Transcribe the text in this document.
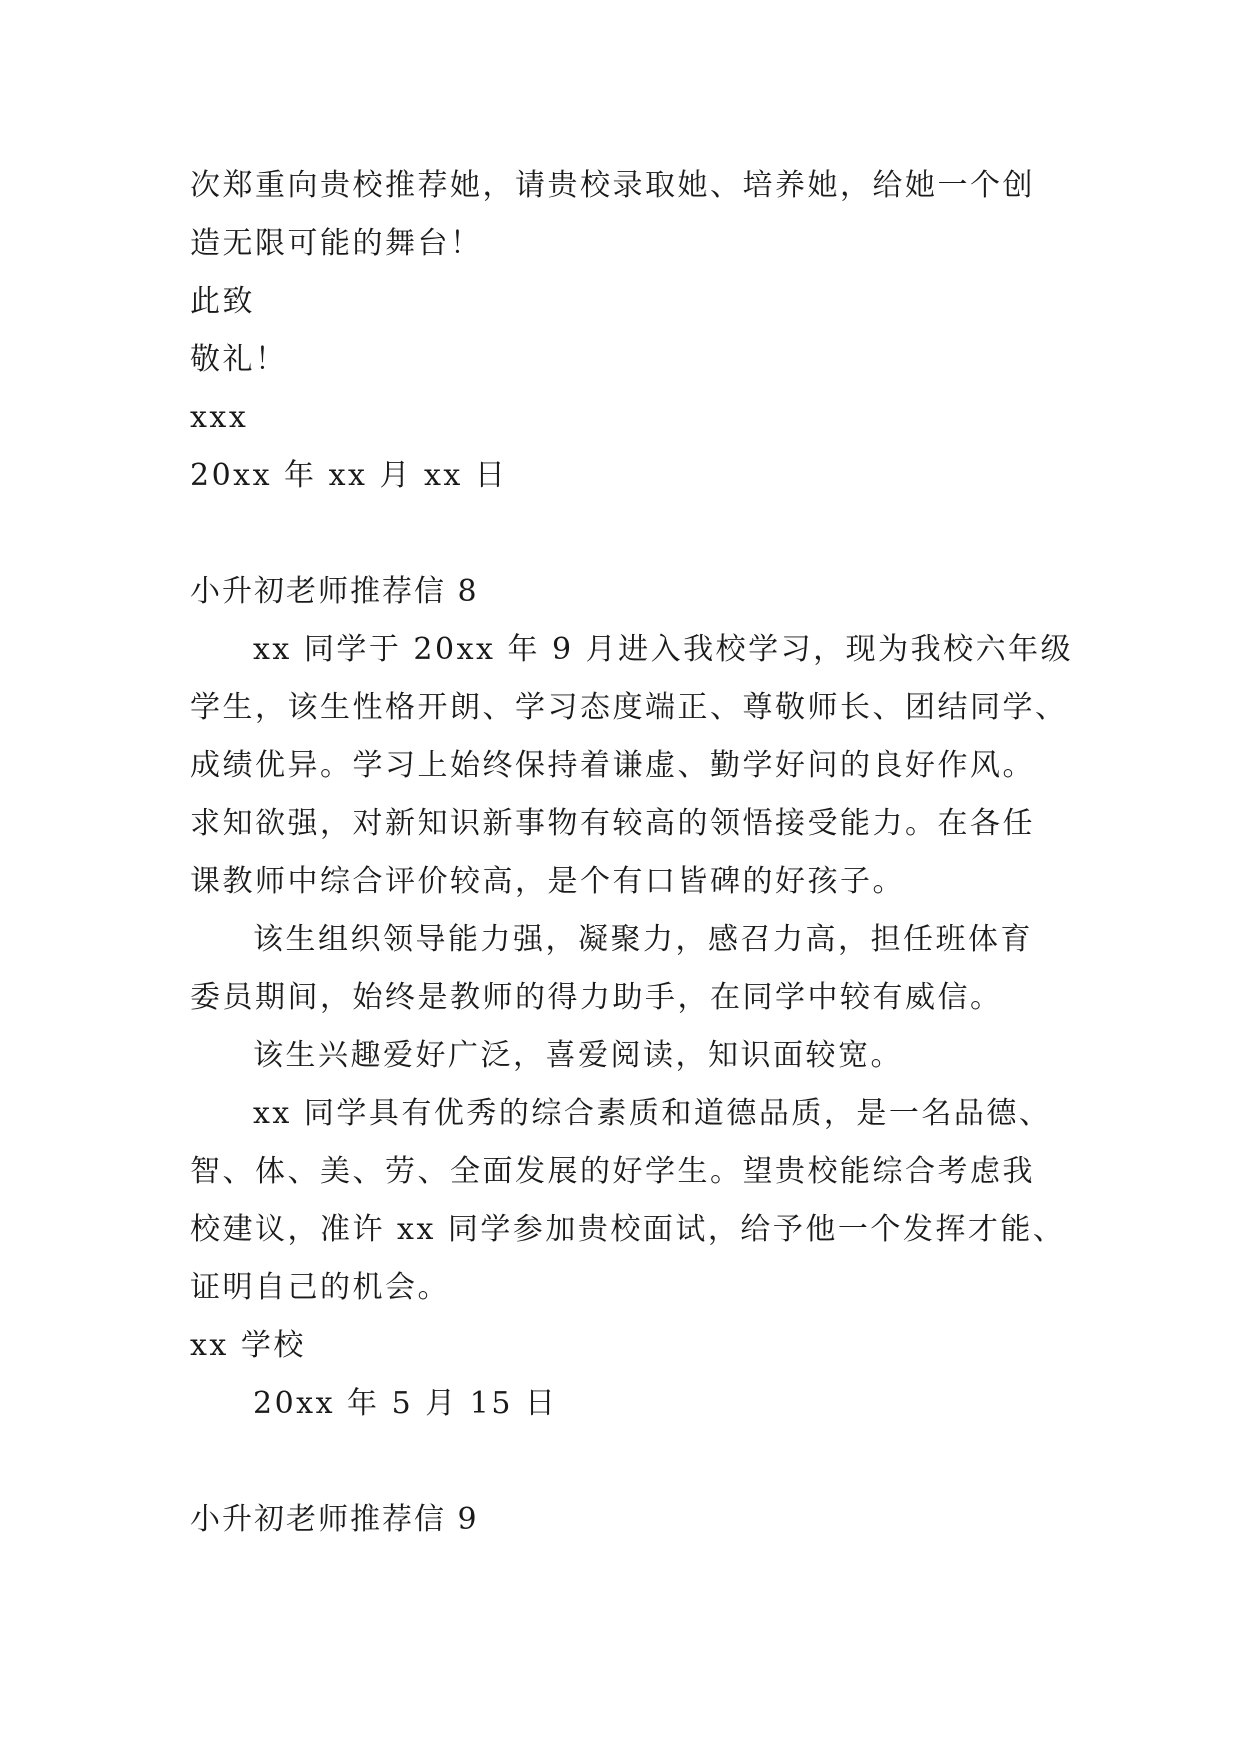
次郑重向贵校推荐她，请贵校录取她、培养她，给她一个创
造无限可能的舞台！
此致
敬礼！
xxx
20xx 年 xx 月 xx 日
小升初老师推荐信 8
xx 同学于 20xx 年 9 月进入我校学习，现为我校六年级
学生，该生性格开朗、学习态度端正、尊敬师长、团结同学、
成绩优异。学习上始终保持着谦虚、勤学好问的良好作风。
求知欲强，对新知识新事物有较高的领悟接受能力。在各任
课教师中综合评价较高，是个有口皆碑的好孩子。
该生组织领导能力强，凝聚力，感召力高，担任班体育
委员期间，始终是教师的得力助手，在同学中较有威信。
该生兴趣爱好广泛，喜爱阅读，知识面较宽。
xx 同学具有优秀的综合素质和道德品质，是一名品德、
智、体、美、劳、全面发展的好学生。望贵校能综合考虑我
校建议，准许 xx 同学参加贵校面试，给予他一个发挥才能、
证明自己的机会。
xx 学校
20xx 年 5 月 15 日
小升初老师推荐信 9
